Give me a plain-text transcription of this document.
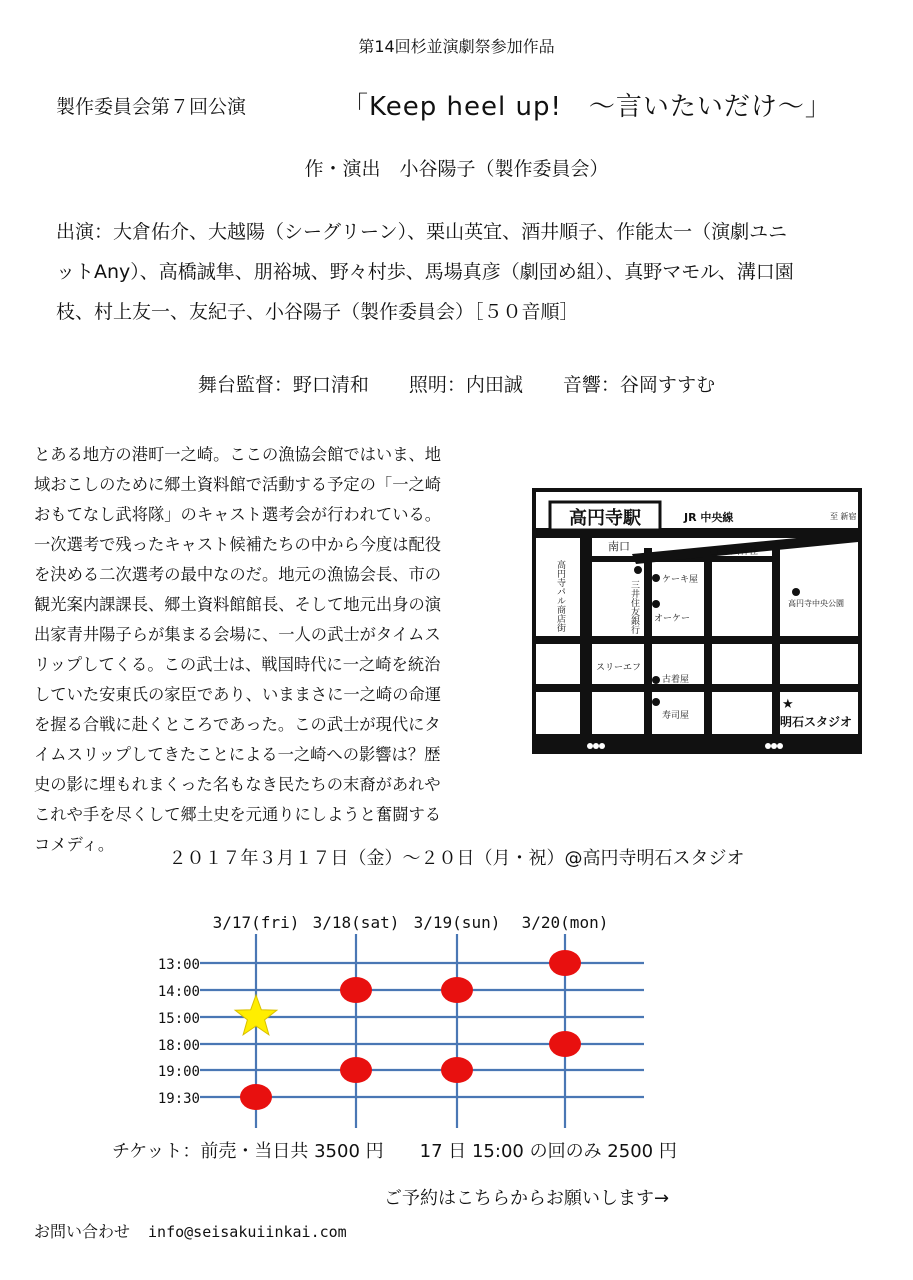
第14回杉並演劇祭参加作品
製作委員会第７回公演	「Keep heel up!　〜言いたいだけ〜」
作・演出　小谷陽子（製作委員会）
出演：大倉佑介、大越陽（シーグリーン）、栗山英宜、酒井順子、作能太一（演劇ユニ
ットAny）、高橋誠隼、朋裕城、野々村歩、馬場真彦（劇団め組）、真野マモル、溝口園
枝、村上友一、友紀子、小谷陽子（製作委員会）［５０音順］
舞台監督：野口清和 照明：内田誠 音響：谷岡すすむ
とある地方の港町一之崎。ここの漁協会館ではいま、地
域おこしのために郷土資料館で活動する予定の「一之崎
おもてなし武将隊」のキャスト選考会が行われている。
一次選考で残ったキャスト候補たちの中から今度は配役
を決める二次選考の最中なのだ。地元の漁協会長、市の
観光案内課課長、郷土資料館館長、そして地元出身の演
出家青井陽子らが集まる会場に、一人の武士がタイムス
リップしてくる。この武士は、戦国時代に一之崎を統治
していた安東氏の家臣であり、いままさに一之崎の命運
を握る合戦に赴くところであった。この武士が現代にタ
イムスリップしてきたことによる一之崎への影響は？歴
史の影に埋もれまくった名もなき民たちの末裔があれや
これや手を尽くして郷土史を元通りにしようと奮闘する
コメディ。
高円寺駅	JR 中央線	至 新宿
南口
高円寺パル商店街
氷川神社
三井住友銀行	ケーキ屋
オーケー
高円寺中央公園
スリーエフ
古着屋
寿司屋
★
明石スタジオ
２０１７年３月１７日（金）〜２０日（月・祝）@高円寺明石スタジオ
13:00
14:00
15:00
18:00
19:00
19:30
3/17(fri) 3/18(sat) 3/19(sun) 3/20(mon)
チケット：前売・当日共 3500 円　　17 日 15:00 の回のみ 2500 円
ご予約はこちらからお願いします→
お問い合わせ info@seisakuiinkai.com
